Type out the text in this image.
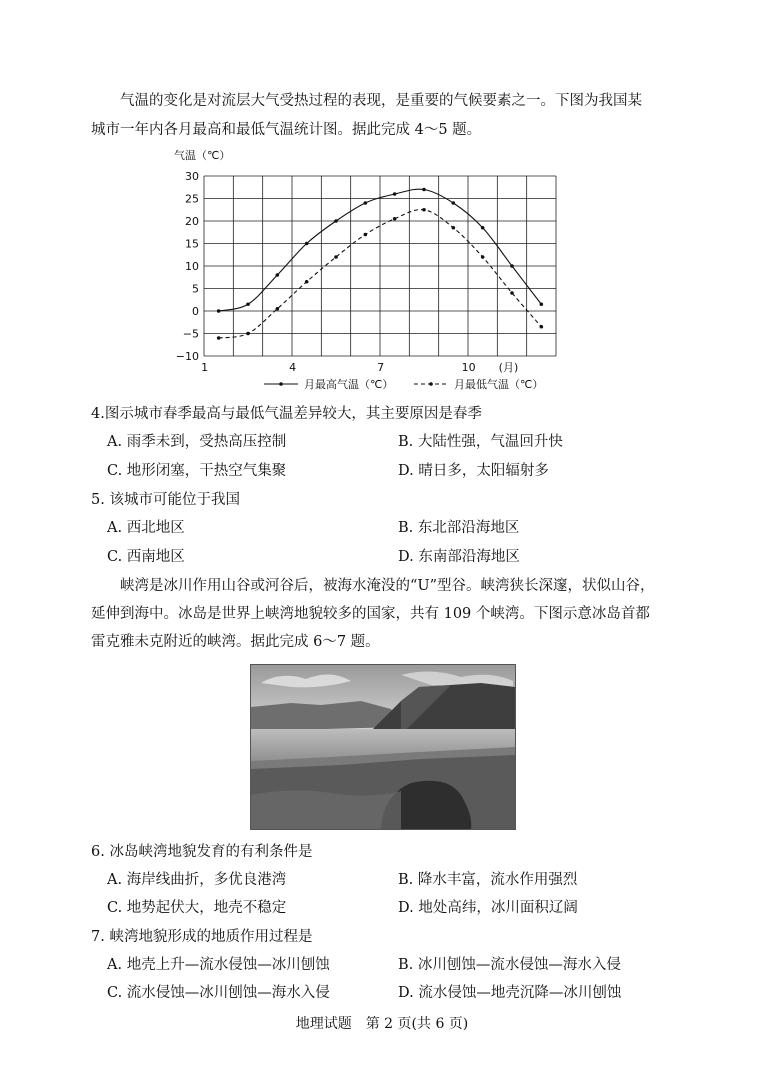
气温的变化是对流层大气受热过程的表现，是重要的气候要素之一。下图为我国某
城市一年内各月最高和最低气温统计图。据此完成 4～5 题。
气温（℃）
30
25
20
15
10
5
0
−5
−10
1	4	7	10 (月)
月最高气温（℃）	月最低气温（℃）
4.图示城市春季最高与最低气温差异较大，其主要原因是春季
A. 雨季未到，受热高压控制	B. 大陆性强，气温回升快
C. 地形闭塞，干热空气集聚	D. 晴日多，太阳辐射多
5. 该城市可能位于我国
A. 西北地区	B. 东北部沿海地区
C. 西南地区	D. 东南部沿海地区
峡湾是冰川作用山谷或河谷后，被海水淹没的“U”型谷。峡湾狭长深邃，状似山谷，
延伸到海中。冰岛是世界上峡湾地貌较多的国家，共有 109 个峡湾。下图示意冰岛首都
雷克雅未克附近的峡湾。据此完成 6～7 题。
6. 冰岛峡湾地貌发育的有利条件是
A. 海岸线曲折，多优良港湾	B. 降水丰富，流水作用强烈
C. 地势起伏大，地壳不稳定	D. 地处高纬，冰川面积辽阔
7. 峡湾地貌形成的地质作用过程是
A. 地壳上升—流水侵蚀—冰川刨蚀	B. 冰川刨蚀—流水侵蚀—海水入侵
C. 流水侵蚀—冰川刨蚀—海水入侵	D. 流水侵蚀—地壳沉降—冰川刨蚀
地理试题　第 2 页(共 6 页)
